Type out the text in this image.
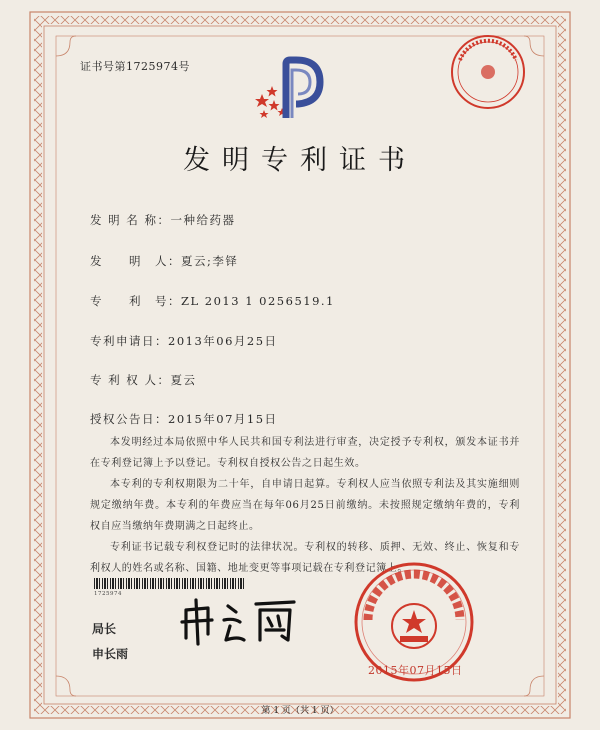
证书号第1725974号
发明专利证书
发 明 名 称：一种给药器
发　　明　人：夏云;李铎
专　　利　号：ZL 2013 1 0256519.1
专利申请日：2013年06月25日
专 利 权 人：夏云
授权公告日：2015年07月15日

本发明经过本局依照中华人民共和国专利法进行审查，决定授予专利权，颁发本证书并在专利登记簿上予以登记。专利权自授权公告之日起生效。

本专利的专利权期限为二十年，自申请日起算。专利权人应当依照专利法及其实施细则规定缴纳年费。本专利的年费应当在每年06月25日前缴纳。未按照规定缴纳年费的，专利权自应当缴纳年费期满之日起终止。

专利证书记载专利权登记时的法律状况。专利权的转移、质押、无效、终止、恢复和专利权人的姓名或名称、国籍、地址变更等事项记载在专利登记簿上。

1725974
局长
申长雨
2015年07月15日
第 1 页（共 1 页）
